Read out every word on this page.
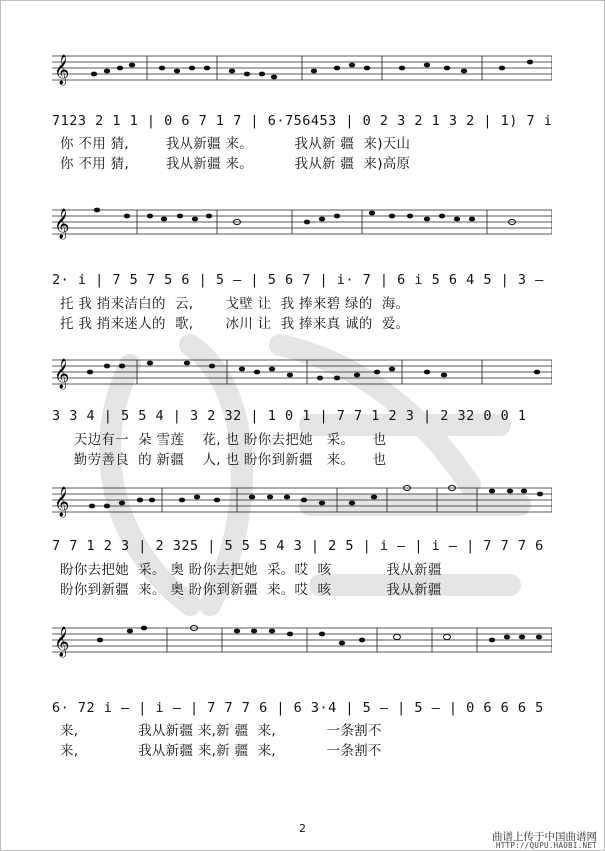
𝄞
7123 2 1 1 | 0 6 7 1 7 | 6·756453 | 0 2 3 2 1 3 2 | 1) 7 i
你 不用 猜,        我从新疆 来。         我从新 疆  来)天山
你 不用 猜,        我从新疆 来。         我从新 疆  来)高原
𝄞
2· i | 7 5 7 5 6 | 5 – | 5 6 7 | i· 7 | 6 i 5 6 4 5 | 3 –
托 我 捎来洁白的  云,       戈壁 让  我 捧来碧 绿的  海。
托 我 捎来迷人的  歌,       冰川 让  我 捧来真 诚的  爱。
𝄞
3 3 4 | 5 5 4 | 3 2 32 | 1 0 1 | 7 7 1 2 3 | 2 32 0 0 1
天边有一  朵 雪莲    花, 也 盼你去把她   采。    也
勤劳善良  的 新疆    人, 也 盼你到新疆   来。    也
𝄞
7 7 1 2 3 | 2 325 | 5 5 5 4 3 | 2 5 | i – | i – | 7 7 7 6
盼你去把她  采。 奥 盼你去把她  采。哎  咳            我从新疆
盼你到新疆  来。 奥 盼你到新疆  来。哎  咳            我从新疆
𝄞
6· 72 i – | i – | 7 7 7 6 | 6 3·4 | 5 – | 5 – | 0 6 6 6 5
来,             我从新疆 来,新 疆  来,           一条割不
来,             我从新疆 来,新 疆  来,           一条割不
2
曲谱上传于中国曲谱网
HTTP://QUPU.HAOBI.NET
